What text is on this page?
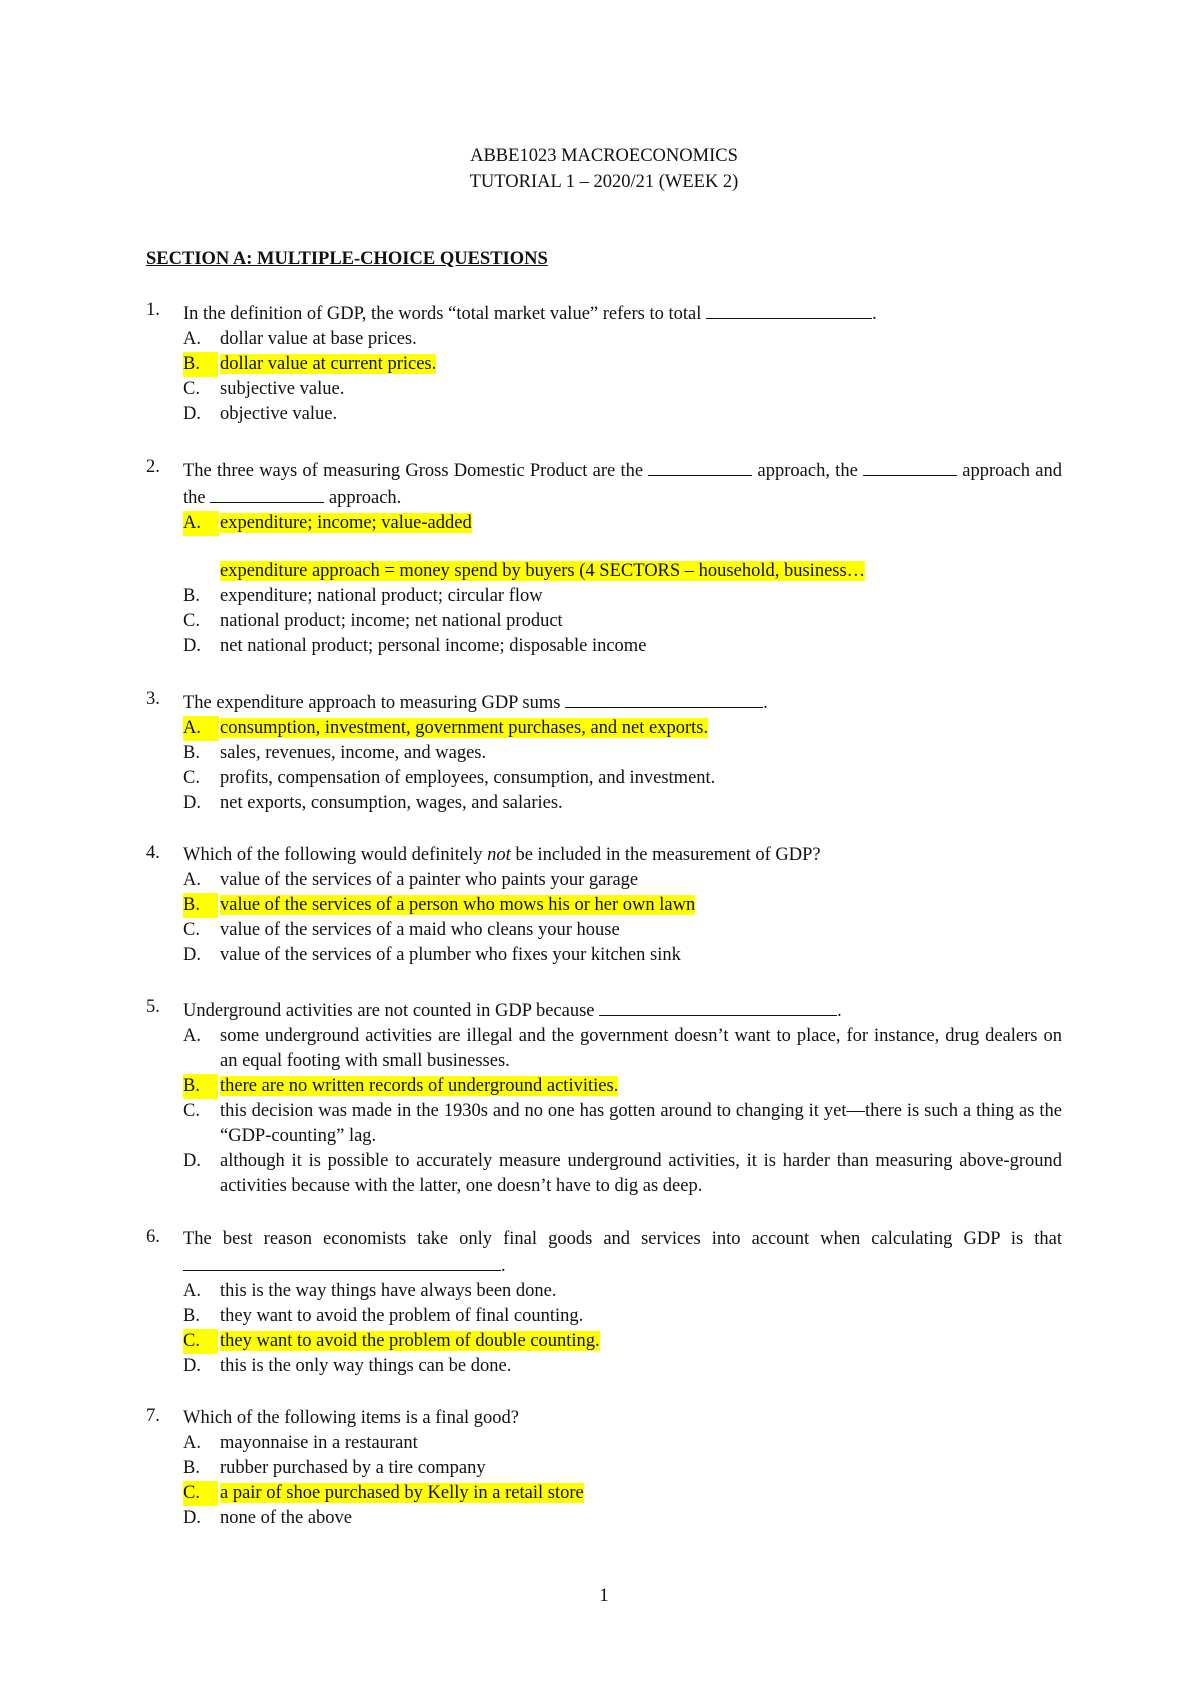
ABBE1023 MACROECONOMICS
TUTORIAL 1 – 2020/21 (WEEK 2)
SECTION A: MULTIPLE-CHOICE QUESTIONS
1. In the definition of GDP, the words “total market value” refers to total	.
A. dollar value at base prices.
B.	dollar value at current prices.
C. subjective value.
D. objective value.
2. The three ways of measuring Gross Domestic Product are the	approach, the	approach and the	approach.
A.	expenditure; income; value-added
expenditure approach = money spend by buyers (4 SECTORS – household, business…
B. expenditure; national product; circular flow
C. national product; income; net national product
D. net national product; personal income; disposable income
3. The expenditure approach to measuring GDP sums	.
A.	consumption, investment, government purchases, and net exports.
B. sales, revenues, income, and wages.
C. profits, compensation of employees, consumption, and investment.
D. net exports, consumption, wages, and salaries.
4. Which of the following would definitely not be included in the measurement of GDP?
A. value of the services of a painter who paints your garage
B.	value of the services of a person who mows his or her own lawn
C. value of the services of a maid who cleans your house
D. value of the services of a plumber who fixes your kitchen sink
5. Underground activities are not counted in GDP because	.
A. some underground activities are illegal and the government doesn’t want to place, for instance, drug dealers on an equal footing with small businesses.
B.	there are no written records of underground activities.
C. this decision was made in the 1930s and no one has gotten around to changing it yet—there is such a thing as the “GDP-counting” lag.
D. although it is possible to accurately measure underground activities, it is harder than measuring above-ground activities because with the latter, one doesn’t have to dig as deep.
6. The best reason economists take only final goods and services into account when calculating GDP is that .
A. this is the way things have always been done.
B. they want to avoid the problem of final counting.
C.	they want to avoid the problem of double counting.
D. this is the only way things can be done.
7. Which of the following items is a final good?
A. mayonnaise in a restaurant
B. rubber purchased by a tire company
C.	a pair of shoe purchased by Kelly in a retail store
D. none of the above
1
